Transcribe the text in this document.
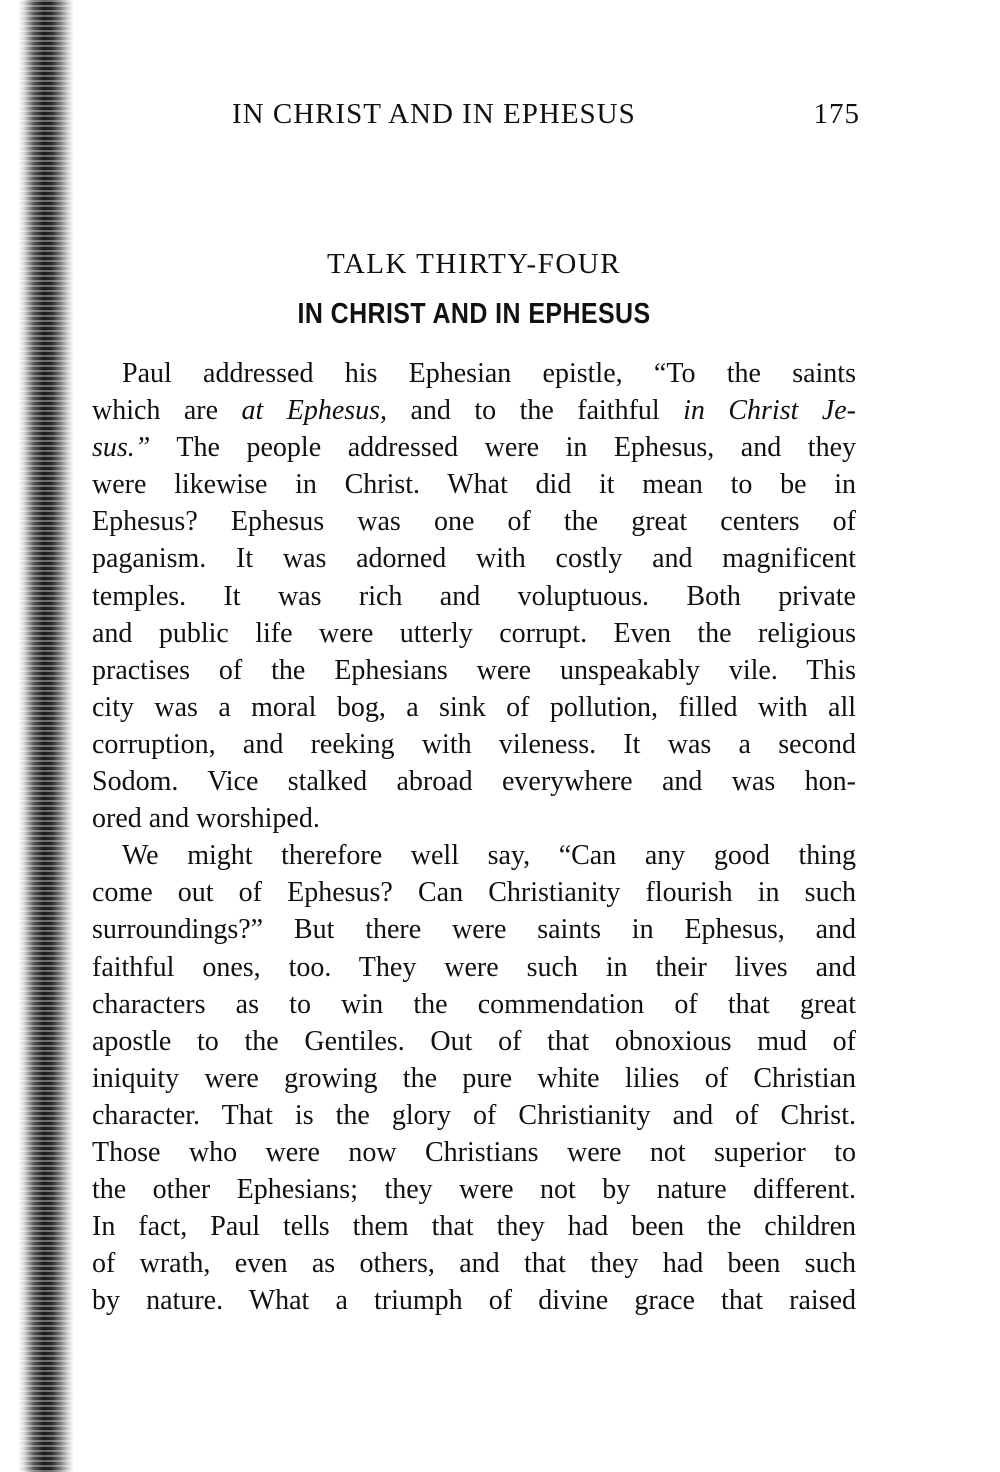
IN CHRIST AND IN EPHESUS	175
TALK THIRTY-FOUR
IN CHRIST AND IN EPHESUS
Paul addressed his Ephesian epistle, “To the saints
which are at Ephesus, and to the faithful in Christ Je-
sus.” The people addressed were in Ephesus, and they
were likewise in Christ. What did it mean to be in
Ephesus? Ephesus was one of the great centers of
paganism. It was adorned with costly and magnificent
temples. It was rich and voluptuous. Both private
and public life were utterly corrupt. Even the religious
practises of the Ephesians were unspeakably vile. This
city was a moral bog, a sink of pollution, filled with all
corruption, and reeking with vileness. It was a second
Sodom. Vice stalked abroad everywhere and was hon-
ored and worshiped.
We might therefore well say, “Can any good thing
come out of Ephesus? Can Christianity flourish in such
surroundings?” But there were saints in Ephesus, and
faithful ones, too. They were such in their lives and
characters as to win the commendation of that great
apostle to the Gentiles. Out of that obnoxious mud of
iniquity were growing the pure white lilies of Christian
character. That is the glory of Christianity and of Christ.
Those who were now Christians were not superior to
the other Ephesians; they were not by nature different.
In fact, Paul tells them that they had been the children
of wrath, even as others, and that they had been such
by nature. What a triumph of divine grace that raised
